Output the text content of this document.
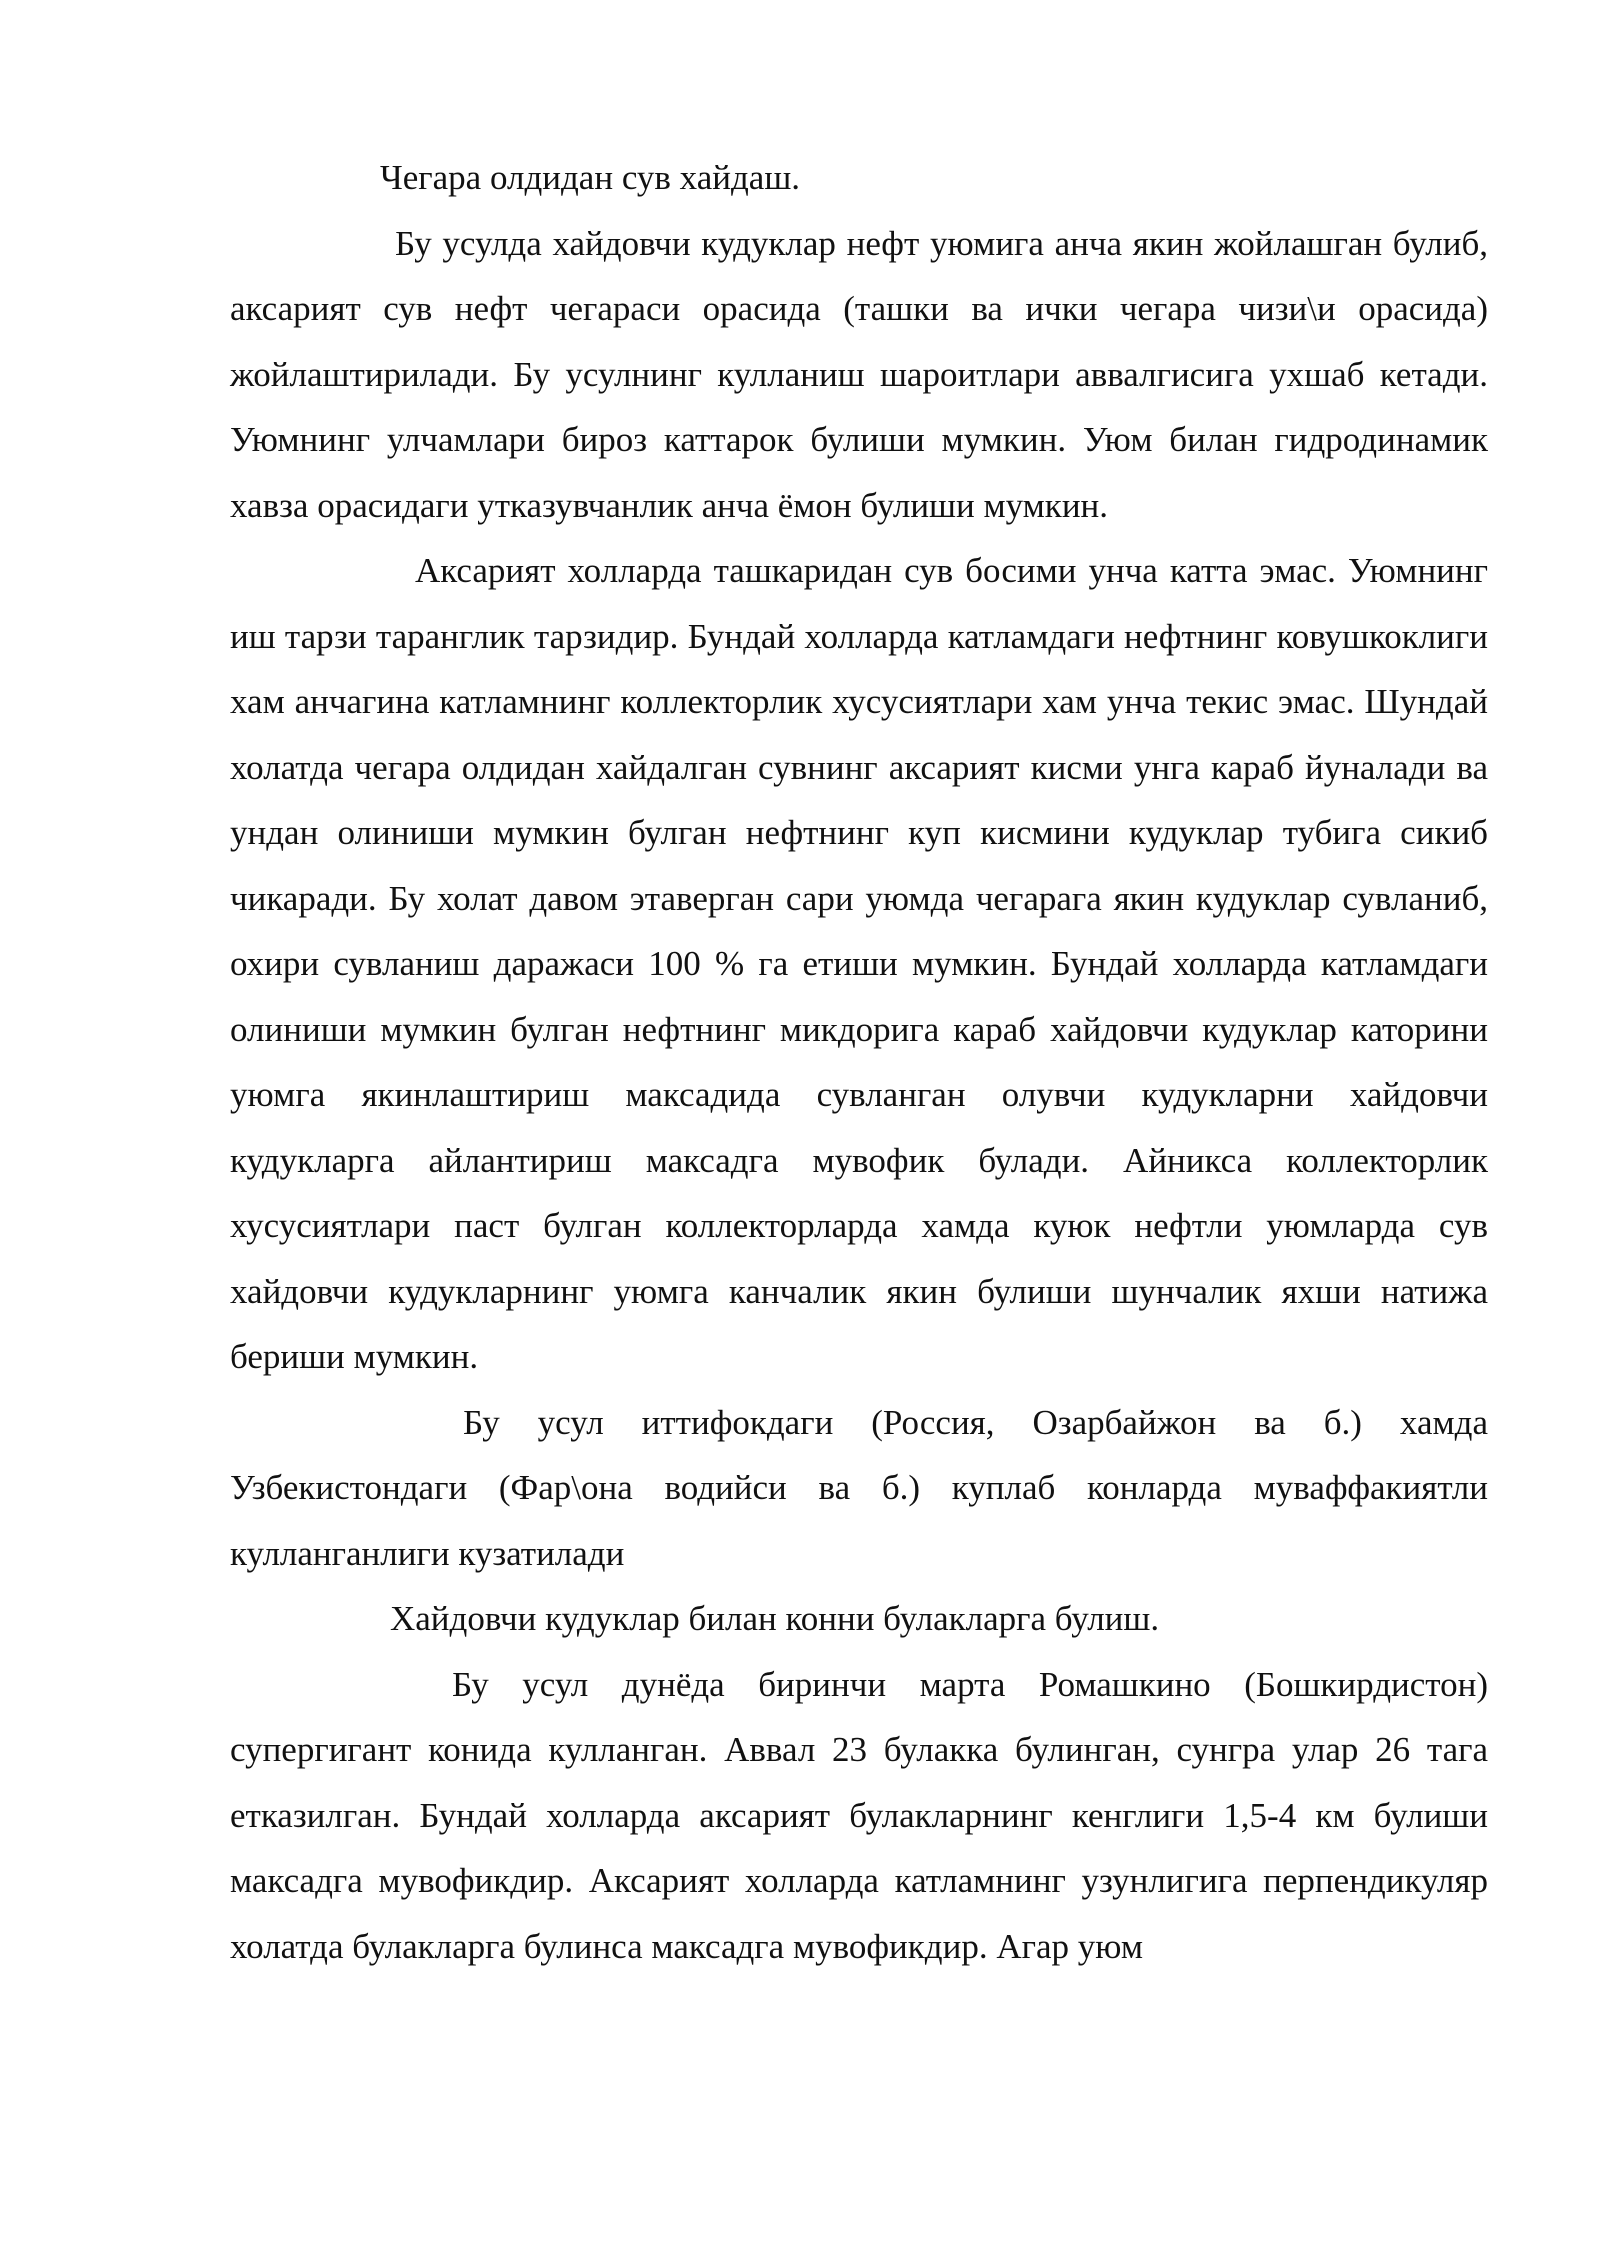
Чегара олдидан сув хайдаш.

Бу усулда хайдовчи кудуклар нефт уюмига анча якин жойлашган булиб, аксарият сув нефт чегараси орасида (ташки ва ички чегара чизи\и орасида) жойлаштирилади. Бу усулнинг кулланиш шароитлари аввалгисига ухшаб кетади. Уюмнинг улчамлари бироз каттарок булиши мумкин. Уюм билан гидродинамик хавза орасидаги утказувчанлик анча ёмон булиши мумкин.

Аксарият холларда ташкаридан сув босими унча катта эмас. Уюмнинг иш тарзи таранглик тарзидир. Бундай холларда катламдаги нефтнинг ковушкоклиги хам анчагина катламнинг коллекторлик хусусиятлари хам унча текис эмас. Шундай холатда чегара олдидан хайдалган сувнинг аксарият кисми унга караб йуналади ва ундан олиниши мумкин булган нефтнинг куп кисмини кудуклар тубига сикиб чикаради. Бу холат давом этаверган сари уюмда чегарага якин кудуклар сувланиб, охири сувланиш даражаси 100 % га етиши мумкин. Бундай холларда катламдаги олиниши мумкин булган нефтнинг микдорига караб хайдовчи кудуклар каторини уюмга якинлаштириш максадида сувланган олувчи кудукларни хайдовчи кудукларга айлантириш максадга мувофик булади. Айникса коллекторлик хусусиятлари паст булган коллекторларда хамда куюк нефтли уюмларда сув хайдовчи кудукларнинг уюмга канчалик якин булиши шунчалик яхши натижа бериши мумкин.

Бу усул иттифокдаги (Россия, Озарбайжон ва б.) хамда Узбекистондаги (Фар\она водийси ва б.) куплаб конларда муваффакиятли кулланганлиги кузатилади

Хайдовчи кудуклар билан конни булакларга булиш.

Бу усул дунёда биринчи марта Ромашкино (Бошкирдистон) супергигант конида кулланган. Аввал 23 булакка булинган, сунгра улар 26 тага етказилган. Бундай холларда аксарият булакларнинг кенглиги 1,5-4 км булиши максадга мувофикдир. Аксарият холларда катламнинг узунлигига перпендикуляр холатда булакларга булинса максадга мувофикдир. Агар уюм
